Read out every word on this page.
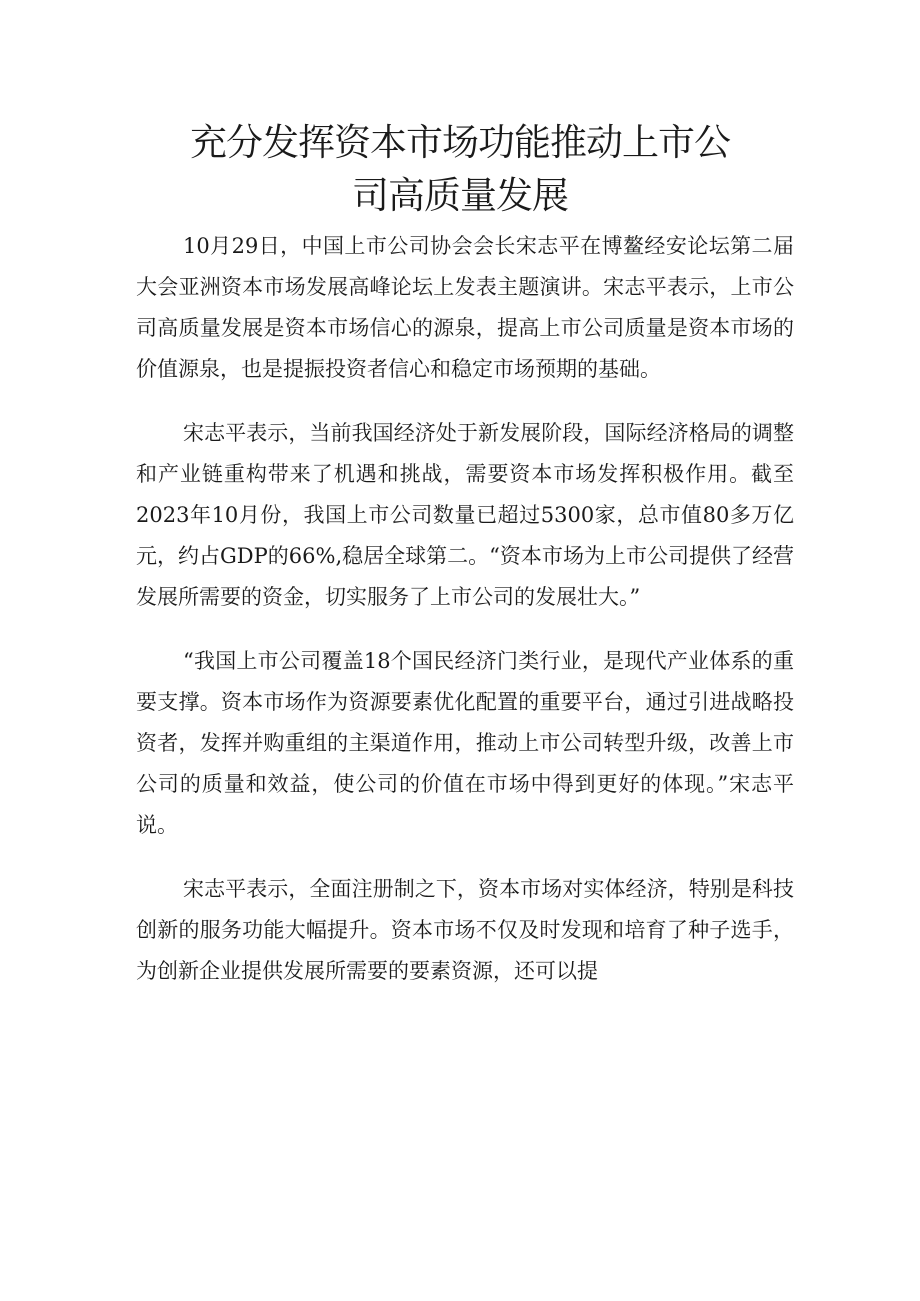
充分发挥资本市场功能推动上市公
司高质量发展

10月29日，中国上市公司协会会长宋志平在博鳌经安论坛第二届大会亚洲资本市场发展高峰论坛上发表主题演讲。宋志平表示，上市公司高质量发展是资本市场信心的源泉，提高上市公司质量是资本市场的价值源泉，也是提振投资者信心和稳定市场预期的基础。

宋志平表示，当前我国经济处于新发展阶段，国际经济格局的调整和产业链重构带来了机遇和挑战，需要资本市场发挥积极作用。截至2023年10月份，我国上市公司数量已超过5300家，总市值80多万亿元，约占GDP的66%,稳居全球第二。“资本市场为上市公司提供了经营发展所需要的资金，切实服务了上市公司的发展壮大。”

“我国上市公司覆盖18个国民经济门类行业，是现代产业体系的重要支撑。资本市场作为资源要素优化配置的重要平台，通过引进战略投资者，发挥并购重组的主渠道作用，推动上市公司转型升级，改善上市公司的质量和效益，使公司的价值在市场中得到更好的体现。”宋志平说。

宋志平表示，全面注册制之下，资本市场对实体经济，特别是科技创新的服务功能大幅提升。资本市场不仅及时发现和培育了种子选手，为创新企业提供发展所需要的要素资源，还可以提
